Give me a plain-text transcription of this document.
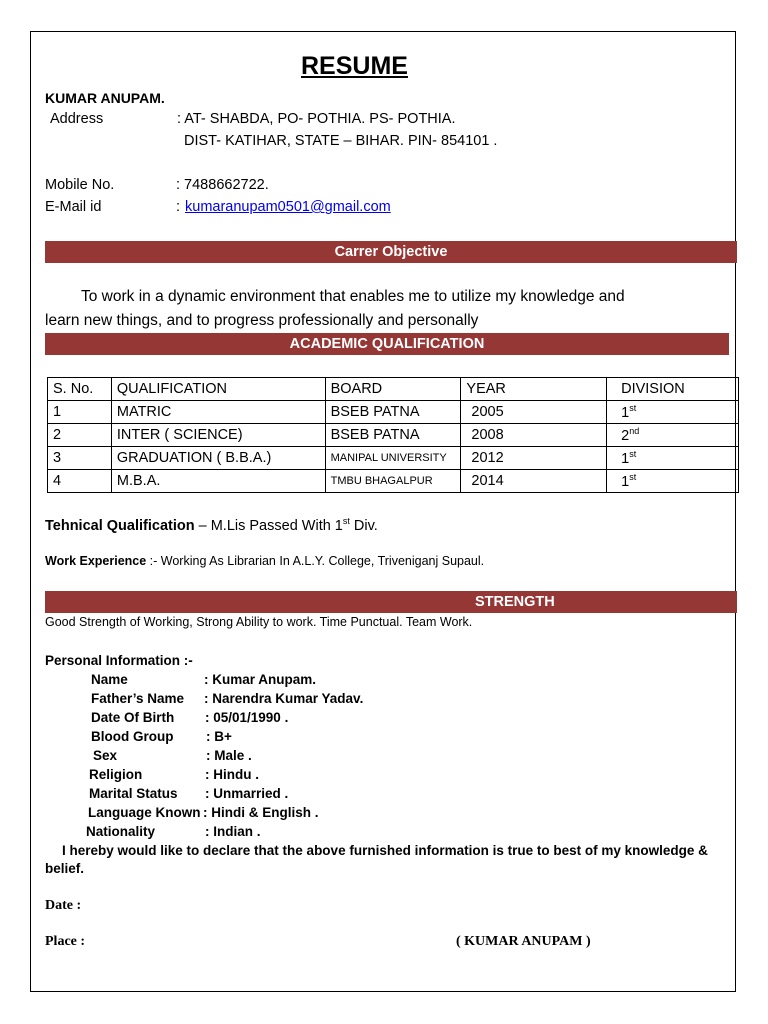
RESUME
KUMAR ANUPAM.
Address	: AT- SHABDA, PO- POTHIA. PS- POTHIA.
DIST- KATIHAR, STATE – BIHAR. PIN- 854101 .
Mobile No.	: 7488662722.
E-Mail id	: kumaranupam0501@gmail.com
Carrer Objective
To work in a dynamic environment that enables me to utilize my knowledge and
learn new things, and to progress professionally and personally
ACADEMIC QUALIFICATION
S. No.	QUALIFICATION	BOARD	YEAR	DIVISION
1	MATRIC	BSEB PATNA	2005	1st
2	INTER ( SCIENCE)	BSEB PATNA	2008	2nd
3	GRADUATION ( B.B.A.)	MANIPAL UNIVERSITY	2012	1st
4	M.B.A.	TMBU BHAGALPUR	2014	1st
Tehnical Qualification – M.Lis Passed With 1st Div.
Work Experience :- Working As Librarian In A.L.Y. College, Triveniganj Supaul.
STRENGTH
Good Strength of Working, Strong Ability to work. Time Punctual. Team Work.
Personal Information :-
Name	: Kumar Anupam.
Father’s Name : Narendra Kumar Yadav.
Date Of Birth : 05/01/1990 .
Blood Group : B+
Sex	: Male .
Religion	: Hindu .
Marital Status : Unmarried .
Language Known : Hindi & English .
Nationality	: Indian .
I hereby would like to declare that the above furnished information is true to best of my knowledge &
belief.
Date :
Place :	( KUMAR ANUPAM )
